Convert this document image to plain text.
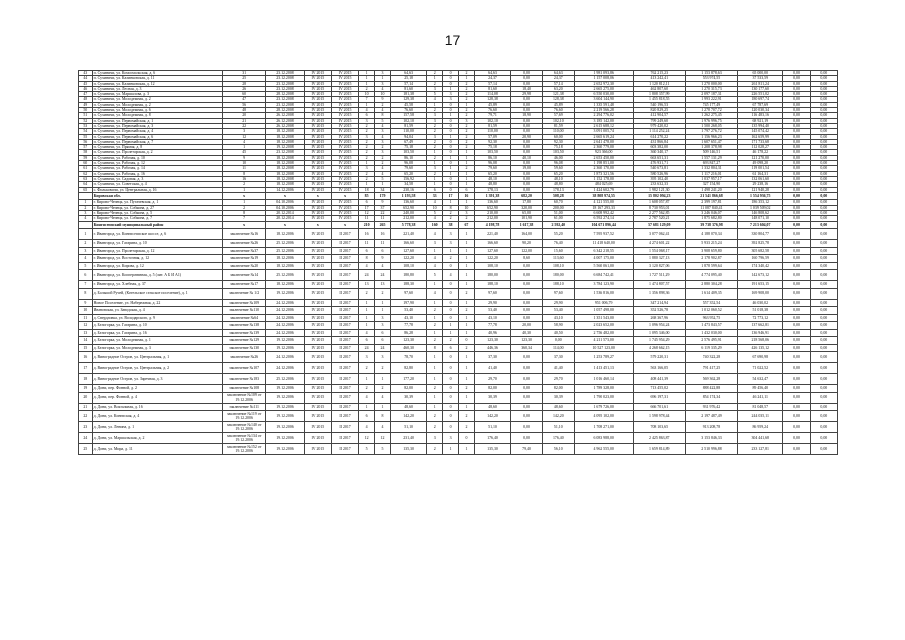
17
43	п. Сухиничи, ул. Комсомольская, д. 6	31	23.12.2008	IV 2015	IV 2015	1	3	64,63	2	0	2	64,63	0,00	64,63	1 981 093,86	762 215,23	1 153 878,63	65 000,00	0,00	0,00
44	п. Сухиничи, ул. Калинковская, д. 11	25	23.12.2008	IV 2015	IV 2015	1	1	25,18	1	0	1	24,37	0,00	24,37	1 157 008,06	413 242,41	553 974,55	37 533,59	0,00	0,00
45	п. Сухиничи, ул. Калинковская, д. 12	28	23.12.2008	IV 2015	IV 2015	1	3	57,14	2	0	2	57,14	0,00	57,14	2 652 972,30	1 120 812,11	1 270 000,00	261 811,24	0,00	0,00
46	п. Сухиничи, ул. Лесная, д. 3	26	23.12.2008	IV 2015	IV 2015	2	4	81,60	3	1	2	81,60	18,40	63,20	2 665 275,00	462 807,60	1 270 315,73	130 177,60	0,00	0,00
47	п. Сухиничи, ул. Маршалова, д. 3	60	28.12.2008	IV 2015	IV 2015	10	10	181,38	5	3	2	114,08	29,98	121,38	6 550 030,00	1 808 357,99	2 097 187,31	226 551,02	0,00	0,00
48	п. Сухиничи, ул. Молодежная, д. 2	47	23.12.2008	IV 2015	IV 2015	7	9	129,38	4	3	2	128,38	0,00	128,38	3 604 144,90	1 455 818,55	1 993 222,91	180 697,74	0,00	0,00
49	п. Сухиничи, ул. Молодежная, д. 2	56	23.12.2008	IV 2015	IV 2015	1	2	45,58	1	0	1	45,89	0,00	45,89	1 335 591,48	540 196,53	745 177,49	67 787,69	0,00	0,00
50	п. Сухиничи, ул. Молодежная, д. 6	48	28.12.2008	IV 2015	IV 2015	4	4	76,60	2	0	2	76,60	0,00	76,60	2 219 566,28	820 829,25	1 278 707,72	120 030,34	0,00	0,00
51	п. Сухиничи, ул. Молодежная, д. 8	20	26.12.2008	IV 2015	IV 2015	6	8	157,58	3	1	2	79,71	18,90	57,69	2 294 776,02	412 904,57	1 262 275,45	116 483,16	0,00	0,00
52	п. Сухиничи, ул. Первомайская, д. 1	21	26.12.2008	IV 2015	IV 2015	3	5	102,10	3	0	3	102,10	0,00	102,10	3 185 142,00	799 249,60	1 976 996,75	68 921,19	0,00	0,00
53	п. Сухиничи, ул. Первомайская, д. 3	22	26.12.2008	IV 2015	IV 2015	2	4	81,59	2	0	2	81,59	0,00	81,59	2 615 688,12	979 420,02	1 500 268,05	135 994,40	0,00	0,00
54	п. Сухиничи, ул. Первомайская, д. 4	3	18.12.2008	IV 2015	IV 2015	2	3	110,00	2	0	2	110,00	0,00	110,00	3 091 005,74	1 114 252,24	1 797 276,72	145 074,42	0,00	0,00
55	п. Сухиничи, ул. Первомайская, д. 6	12	18.12.2008	IV 2015	IV 2015	3	4	94,04	3	1	2	57,09	20,90	60,00	2 665 619,24	614 270,22	1 156 966,23	162 659,99	0,00	0,00
56	п. Сухиничи, ул. Первомайская, д. 7	4	18.12.2008	IV 2015	IV 2015	2	3	67,49	2	0	2	92,30	0,00	92,30	2 641 478,00	431 866,84	1 607 651,47	171 733,68	0,00	0,00
57	п. Сухиничи, ул. Прямая, д. 8	1	19.12.2008	IV 2015	IV 2015	2	2	75,18	2	0	2	75,18	0,00	75,18	2 360 779,00	603 382,00	1 208 378,98	112 028,27	0,00	0,00
58	п. Сухиничи, ул. Пролетарская, д. 2	45	23.12.2008	IV 2015	IV 2015	2	3	103,50	1	0	1	103,50	0,00	103,50	923 366,00	360 340,17	509 146,51	46 178,22	0,00	0,00
59	п. Сухиничи, ул. Рабочая, д. 10	9	18.12.2008	IV 2015	IV 2015	2	2	86,10	2	1	1	86,10	40,10	46,00	2 653 450,00	663 651,31	1 557 131,29	121 270,00	0,00	0,00
60	п. Сухиничи, ул. Рабочая, д. 12	10	18.12.2008	IV 2015	IV 2015	1	2	96,08	1	0	1	96,08	0,00	96,08	1 198 851,00	476 931,71	693 847,27	49 098,20	0,00	0,00
61	п. Сухиничи, ул. Рабочая, д. 14	11	18.12.2008	IV 2015	IV 2015	3	4	79,60	3	1	2	79,60	19,00	59,60	2 360 170,00	540 673,81	1 332 804,31	119 001,54	0,00	0,00
62	п. Сухиничи, ул. Рабочая, д. 16	8	18.12.2008	IV 2015	IV 2015	2	4	65,20	2	1	1	65,20	0,00	65,20	1 873 321,56	580 526,96	1 117 216,01	61 164,31	0,00	0,00
63	п. Сухиничи, ул. Садовая, д. 3	16	18.12.2008	IV 2015	IV 2015	2	5	156,92	1	0	1	48,10	0,00	48,10	1 152 178,00	395 102,40	1 037 957,17	132 061,60	0,00	0,00
64	п. Сухиничи, ул. Советская, д. 4	2	18.12.2008	IV 2015	IV 2015	1	1	34,58	1	0	1	48,80	0,00	48,80	484 025,69	233 632,33	327 154,90	29 238,16	0,00	0,00
65	с. Фильковичи, ул. Центральная, д. 16	1	14.12.2006	IV 2015	IV 2015	18	34	230,16	6	0	6	178,13	0,00	178,13	1 424 602,79	1 982 121,30	1 498 241,20	121 940,28	0,00	0,00
	Кировская обл.	x	x	x	x	85	179	1 193,58	33	17	16	1 391,38	682,20	508,28	38 808 974,55	15 802 094,23	21 541 866,68	1 554 936,75	0,00	0,00
1	г. Кирово-Чепецк, ул. Пугачевская, д. 1	1	04.10.2006	IV 2015	IV 2015	6	9	136,60	4	1	1	136,60	17,80	60,70	4 121 555,00	1 608 057,87	2 399 197,81	186 353,12	0,00	0,00
2	г. Кирово-Чепецк, ул. Собкина, д. 27	2	04.10.2006	IV 2015	IV 2015	17	37	652,90	10	8	10	652,90	320,00	200,00	18 167 293,33	8 730 953,01	11 087 840,41	1 039 509,02	0,00	0,00
3	г. Кирово-Чепецк, ул. Собкина, д. 5	8	20.12.2014	IV 2015	IV 2015	12	22	240,00	5	2	3	210,00	65,00	51,00	6 608 992,42	2 277 562,85	3 246 046,07	146 808,62	0,00	0,00
4	г. Кирово-Чепецк, ул. Собкина, д. 7	7	20.12.2014	IV 2015	IV 2015	11	11	212,00	4	2	2	212,00	101,90	61,00	6 592 274,14	2 787 520,21	1 875 682,80	148 071,10	0,00	0,00
	Кингисеппский муниципальный район	x	x	x	x	210	265	5 778,38	160	38	67	4 198,78	1 617,38	2 592,40	104 671 896,44	57 681 129,09	39 738 376,98	7 213 604,07	0,00	0,00
1	г. Ивангород, ул. Кингисеппское шоссе, д. 6	заключение №16	18.12.2006	IV 2015	II 2017	16	16	221,40	4	3	1	221,40	164,00	55,20	7 595 937,52	3 077 062,41	4 188 070,34	330 804,77	0,00	0,00
2	г. Ивангород, ул. Гагарина, д. 10	заключение №26	25.12.2006	IV 2015	II 2017	11	11	166,60	3	3	1	166,60	90,20	76,40	11 418 640,00	4 274 601,22	5 933 215,24	392 825,78	0,00	0,00
3	г. Ивангород, ул. Пролетарская, д. 12	заключение №37	25.12.2006	IV 2015	II 2017	6	6	127,60	1	1	1	127,60	122,00	15,60	6 342 218,55	1 554 068,17	3 908 659,80	305 682,58	0,00	0,00
4	г. Ивангород, ул. Восточная, д. 12	заключение №19	18.12.2006	IV 2015	II 2017	8	9	122,20	4	2	1	122,20	8,60	113,60	4 007 175,00	1 880 327,13	2 178 902,87	160 796,59	0,00	0,00
5	г. Ивангород, ул. Кирова, д. 12	заключение №20	18.12.2006	IV 2015	II 2017	4	4	108,10	4	0	1	108,10	0,00	108,10	5 560 061,00	3 120 827,06	1 878 599,64	174 340,42	0,00	0,00
6	г. Ивангород, ул. Кооперативная, д. 5 (лит. А Б И А1)	заключение №14	25.12.2006	IV 2015	II 2017	24	24	180,80	5	4	1	180,00	0,00	180,00	6 684 742,41	1 727 511,29	4 774 095,40	142 673,12	0,00	0,00
7	г. Ивангород, ул. Хлебная, д. 37	заключение №17	18.12.2006	IV 2015	II 2017	13	13	188,30	1	0	1	188,10	0,00	188,10	3 784 123,90	1 474 807,57	2 880 304,28	191 653,15	0,00	0,00
8	д. Большой Ручей, (Котельское сельское поселение), д. 1	заключение № 1/2	19.12.2006	IV 2015	II 2017	2	2	97,60	4	0	2	97,60	0,00	97,60	1 536 816,00	1 356 898,36	1 614 409,35	169 908,00	0,00	0,00
9	Новое Поселение, ул. Набережная, д. 22	заключение №109	24.12.2006	IV 2015	II 2017	1	1	197,90	1	0	1	29,90	0,00	29,90	951 006,79	347 214,94	557 352,54	46 030,02	0,00	0,00
10	Ивановская, ул. Заводская, д. 4	заключение №110	24.12.2006	IV 2015	II 2017	1	1	53,40	2	0	2	53,40	0,00	53,40	1 057 498,00	352 526,78	1 012 060,52	51 018,38	0,00	0,00
11	д. Свердловка, ул. Володарского, д. 9	заключение №64	24.12.2006	IV 2015	II 2017	1	3	43,10	1	0	1	43,10	0,00	43,10	1 351 543,00	268 367,96	963 952,75	72 773,12	0,00	0,00
12	д. Белогорка, ул. Гагарина, д. 10	заключение №138	24.12.2006	IV 2015	II 2017	1	3	77,78	2	1	1	77,78	20,00	58,90	2 023 652,00	1 096 954,24	1 473 843,57	137 662,81	0,00	0,00
13	д. Белогорка, ул. Гагарина, д. 16	заключение №139	24.12.2006	IV 2015	II 2017	4	6	86,28	1	1	1	40,96	40,30	40,50	2 756 482,00	1 095 346,00	1 432 030,00	136 946,91	0,00	0,00
14	д. Белогорка, ул. Молодежная, д. 1	заключение №129	19.12.2006	IV 2015	II 2017	6	6	123,30	2	2	0	123,30	123,30	0,00	4 211 573,00	1 745 954,29	2 576 495,91	218 568,06	0,00	0,00
15	д. Белогорка, ул. Молодежная, д. 3	заключение №130	19.12.2006	IV 2015	II 2017	24	24	460,30	8	6	2	446,36	360,34	114,00	10 527 123,00	4 268 662,15	6 119 335,29	426 135,12	0,00	0,00
16	д. Виноградное Остров, ул. Центральная, д. 1	заключение №26	24.12.2006	IV 2015	II 2017	3	3	78,70	1	0	1	37,30	0,00	37,30	1 253 789,27	579 220,31	740 322,28	67 690,98	0,00	0,00
17	д. Виноградное Остров, ул. Центральная, д. 2	заключение №107	24.12.2006	IV 2015	II 2017	2	2	82,80	1	0	1	41,40	0,00	41,40	1 413 451,13	563 166,05	791 417,25	71 022,52	0,00	0,00
18	д. Виноградное Остров, ул. Заречная, д. 3	заключение №183	25.12.2006	IV 2015	II 2017	1	1	177,20	1	0	1	29,70	0,00	29,70	1 016 460,14	408 441,39	569 362,28	54 632,47	0,00	0,00
19	д. Дони, пер. Фонной, д. 2	заключение №108	19.12.2006	IV 2015	II 2017	2	2	82,00	2	0	2	82,00	0,00	82,00	1 789 328,00	713 455,02	888 422,88	89 456,40	0,00	0,00
20	д. Дони, пер. Фонной, д. 4	заключение №109 от 19.12.2006	19.12.2006	IV 2015	II 2017	4	4	30,39	1	0	1	30,39	0,00	30,39	1 790 023,00	696 197,31	854 174,34	46 241,11	0,00	0,00
21	д. Дони, ул. Вокзальная, д. 16	заключение №111	19.12.2006	IV 2015	II 2017	1	1	48,60	1	0	1	48,60	0,00	48,60	1 679 726,00	666 701,61	931 976,42	81 048,57	0,00	0,00
22	д. Дони, ул. Кингиская, д. 4	заключение №119 от 19.12.2006	19.12.2006	IV 2015	II 2017	6	8	142,20	2	0	2	142,20	0,00	142,20	4 095 102,00	1 598 978,44	2 197 487,49	244 035,11	0,00	0,00
23	д. Дони, ул. Ленина, д. 1	заключение №140 от 19.12.2006	19.12.2006	IV 2015	II 2017	4	4	51,10	2	0	2	51,10	0,00	51,10	1 708 271,00	708 103,65	913 208,78	86 959,24	0,00	0,00
24	д. Дони, ул. Маршальская, д. 2	заключение №134 от 19.12.2006	19.12.2006	IV 2015	II 2017	12	12	231,40	3	3	0	176,40	0,00	176,40	6 083 988,00	2 425 863,87	3 153 846,33	304 441,68	0,00	0,00
25	д. Дони, ул. Мира, д. 11	заключение №152 от 19.12.2006	19.12.2006	IV 2015	II 2017	5	5	135,30	2	1	1	135,30	79,40	56,10	4 962 555,00	1 659 814,89	2 510 996,88	233 127,81	0,00	0,00
